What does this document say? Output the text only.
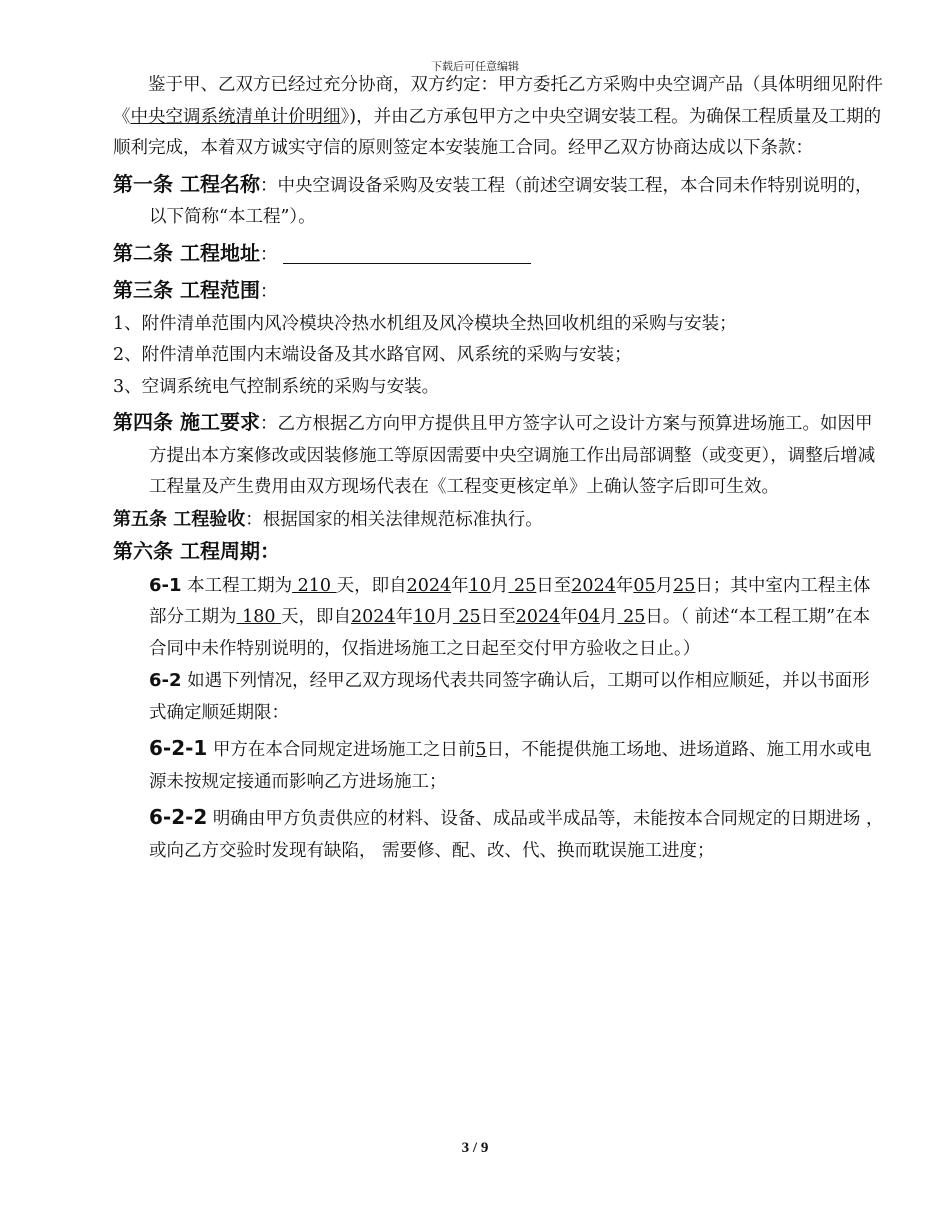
下载后可任意编辑

鉴于甲、乙双方已经过充分协商，双方约定：甲方委托乙方采购中央空调产品（具体明细见附件《中央空调系统清单计价明细》)，并由乙方承包甲方之中央空调安装工程。为确保工程质量及工期的顺利完成，本着双方诚实守信的原则签定本安装施工合同。经甲乙双方协商达成以下条款：

第一条 工程名称：中央空调设备采购及安装工程（前述空调安装工程，本合同未作特别说明的，以下简称“本工程”）。

第二条 工程地址：

第三条 工程范围：

1、附件清单范围内风冷模块冷热水机组及风冷模块全热回收机组的采购与安装；

2、附件清单范围内末端设备及其水路官网、风系统的采购与安装；

3、空调系统电气控制系统的采购与安装。

第四条 施工要求：乙方根据乙方向甲方提供且甲方签字认可之设计方案与预算进场施工。如因甲方提出本方案修改或因装修施工等原因需要中央空调施工作出局部调整（或变更），调整后增减工程量及产生费用由双方现场代表在《工程变更核定单》上确认签字后即可生效。

第五条 工程验收：根据国家的相关法律规范标准执行。

第六条 工程周期：

6-1 本工程工期为 210 天，即自2024年10月 25日至2024年05月25日；其中室内工程主体部分工期为 180 天，即自2024年10月 25日至2024年04月 25日。（ 前述“本工程工期”在本合同中未作特别说明的，仅指进场施工之日起至交付甲方验收之日止。）

6-2 如遇下列情况，经甲乙双方现场代表共同签字确认后，工期可以作相应顺延，并以书面形式确定顺延期限：

6-2-1 甲方在本合同规定进场施工之日前5日，不能提供施工场地、进场道路、施工用水或电源未按规定接通而影响乙方进场施工；

6-2-2 明确由甲方负责供应的材料、设备、成品或半成品等，未能按本合同规定的日期进场 ， 或向乙方交验时发现有缺陷， 需要修、配、改、代、换而耽误施工进度；

3 / 9
